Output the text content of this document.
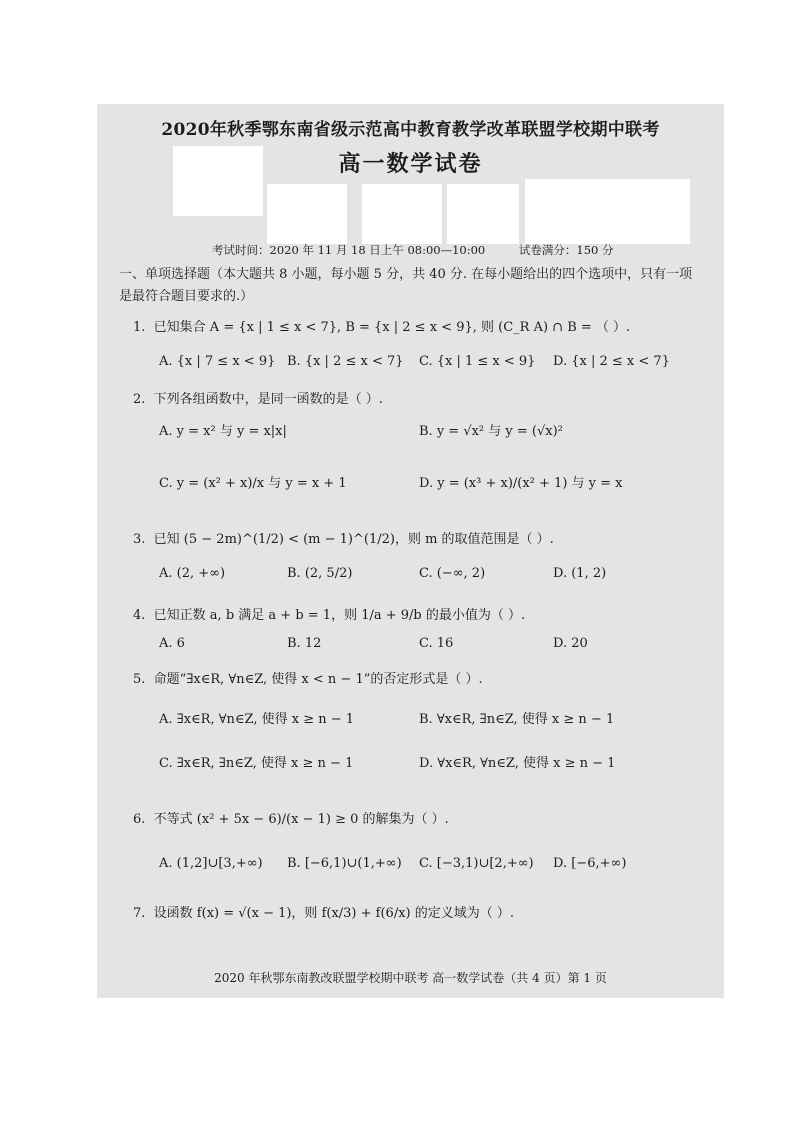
2020年秋季鄂东南省级示范高中教育教学改革联盟学校期中联考
高一数学试卷
考试时间：2020 年 11 月 18 日上午 08:00—10:00	试卷满分：150 分
一、单项选择题（本大题共 8 小题，每小题 5 分，共 40 分. 在每小题给出的四个选项中，只有一项是最符合题目要求的.）
1. 已知集合 A = {x | 1 ≤ x < 7}, B = {x | 2 ≤ x < 9}, 则 (C_R A) ∩ B = （ ）.
A. {x | 7 ≤ x < 9} B. {x | 2 ≤ x < 7} C. {x | 1 ≤ x < 9} D. {x | 2 ≤ x < 7}
2. 下列各组函数中，是同一函数的是（ ）.
A. y = x² 与 y = x|x|	B. y = √x² 与 y = (√x)²
C. y = (x² + x)/x 与 y = x + 1	D. y = (x³ + x)/(x² + 1) 与 y = x
3. 已知 (5 − 2m)^(1/2) < (m − 1)^(1/2)，则 m 的取值范围是（ ）.
A. (2, +∞)	B. (2, 5/2)	C. (−∞, 2)	D. (1, 2)
4. 已知正数 a, b 满足 a + b = 1，则 1/a + 9/b 的最小值为（ ）.
A. 6	B. 12	C. 16	D. 20
5. 命题“∃x∈R, ∀n∈Z, 使得 x < n − 1”的否定形式是（ ）.
A. ∃x∈R, ∀n∈Z, 使得 x ≥ n − 1	B. ∀x∈R, ∃n∈Z, 使得 x ≥ n − 1
C. ∃x∈R, ∃n∈Z, 使得 x ≥ n − 1	D. ∀x∈R, ∀n∈Z, 使得 x ≥ n − 1
6. 不等式 (x² + 5x − 6)/(x − 1) ≥ 0 的解集为（ ）.
A. (1,2]∪[3,+∞) B. [−6,1)∪(1,+∞) C. [−3,1)∪[2,+∞) D. [−6,+∞)
7. 设函数 f(x) = √(x − 1)，则 f(x/3) + f(6/x) 的定义域为（ ）.
2020 年秋鄂东南教改联盟学校期中联考 高一数学试卷（共 4 页）第 1 页
